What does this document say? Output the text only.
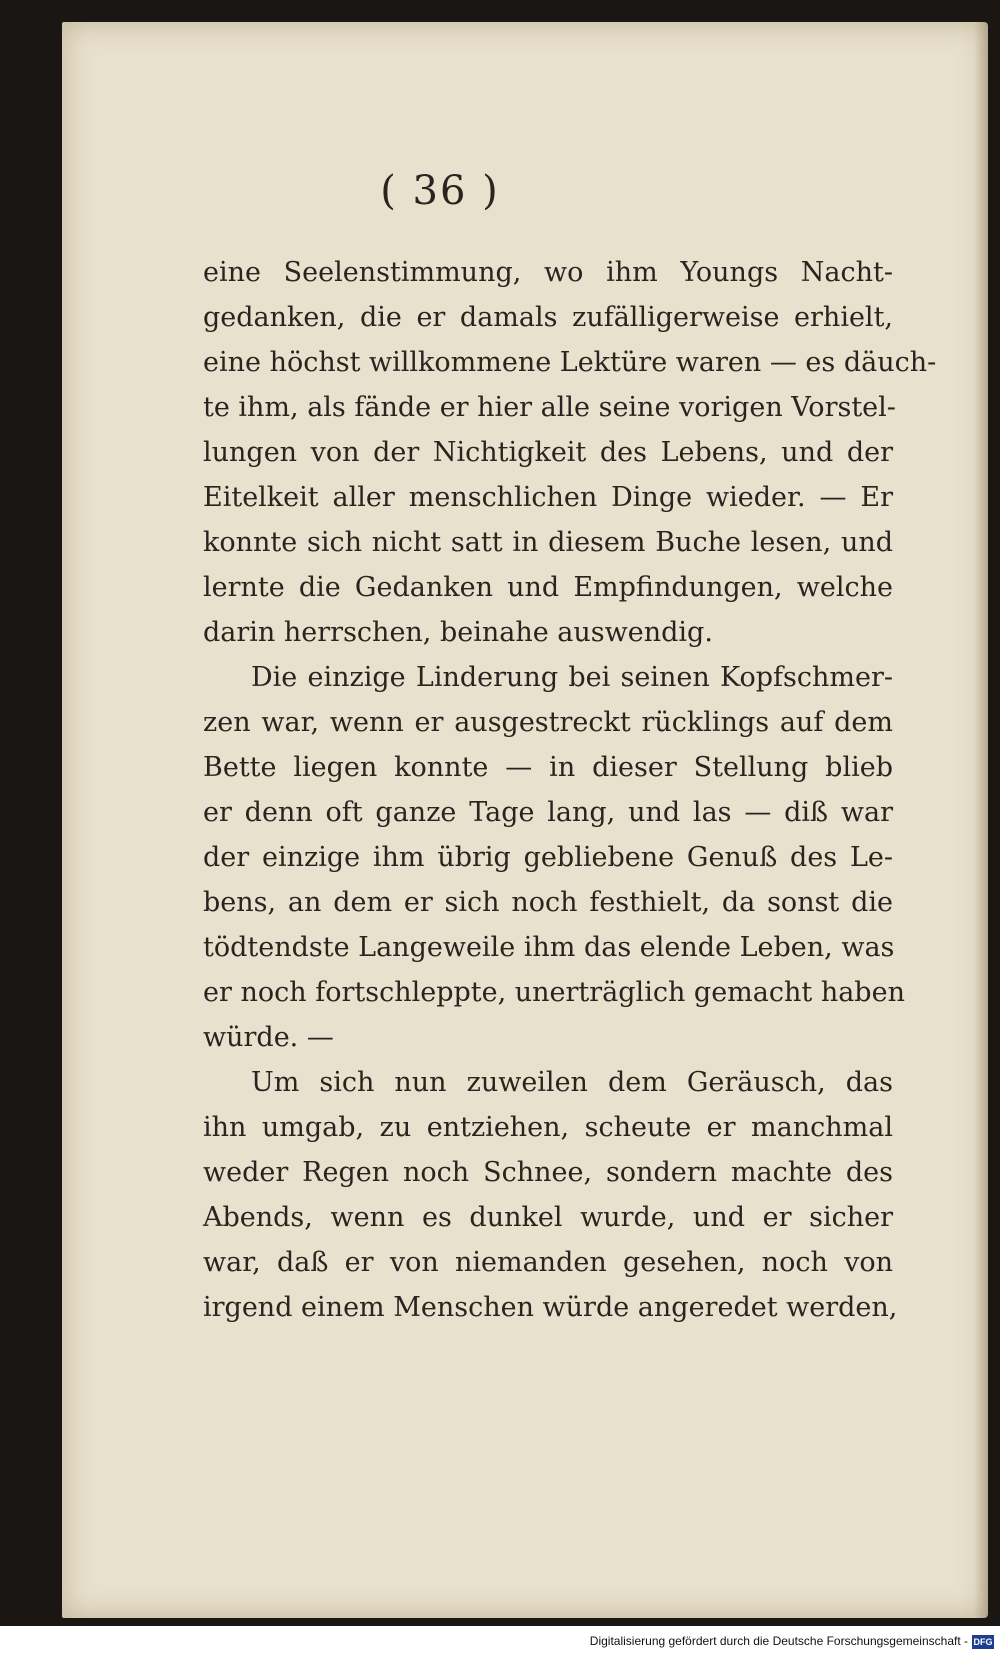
( 36 )
eine Seelenstimmung, wo ihm Youngs Nacht-
gedanken, die er damals zufälligerweise erhielt,
eine höchst willkommene Lektüre waren — es däuch-
te ihm, als fände er hier alle seine vorigen Vorstel-
lungen von der Nichtigkeit des Lebens, und der
Eitelkeit aller menschlichen Dinge wieder. — Er
konnte sich nicht satt in diesem Buche lesen, und
lernte die Gedanken und Empfindungen, welche
darin herrschen, beinahe auswendig.
Die einzige Linderung bei seinen Kopfschmer-
zen war, wenn er ausgestreckt rücklings auf dem
Bette liegen konnte — in dieser Stellung blieb
er denn oft ganze Tage lang, und las — diß war
der einzige ihm übrig gebliebene Genuß des Le-
bens, an dem er sich noch festhielt, da sonst die
tödtendste Langeweile ihm das elende Leben, was
er noch fortschleppte, unerträglich gemacht haben
würde. —
Um sich nun zuweilen dem Geräusch, das
ihn umgab, zu entziehen, scheute er manchmal
weder Regen noch Schnee, sondern machte des
Abends, wenn es dunkel wurde, und er sicher
war, daß er von niemanden gesehen, noch von
irgend einem Menschen würde angeredet werden,
Digitalisierung gefördert durch die Deutsche Forschungsgemeinschaft - DFG
